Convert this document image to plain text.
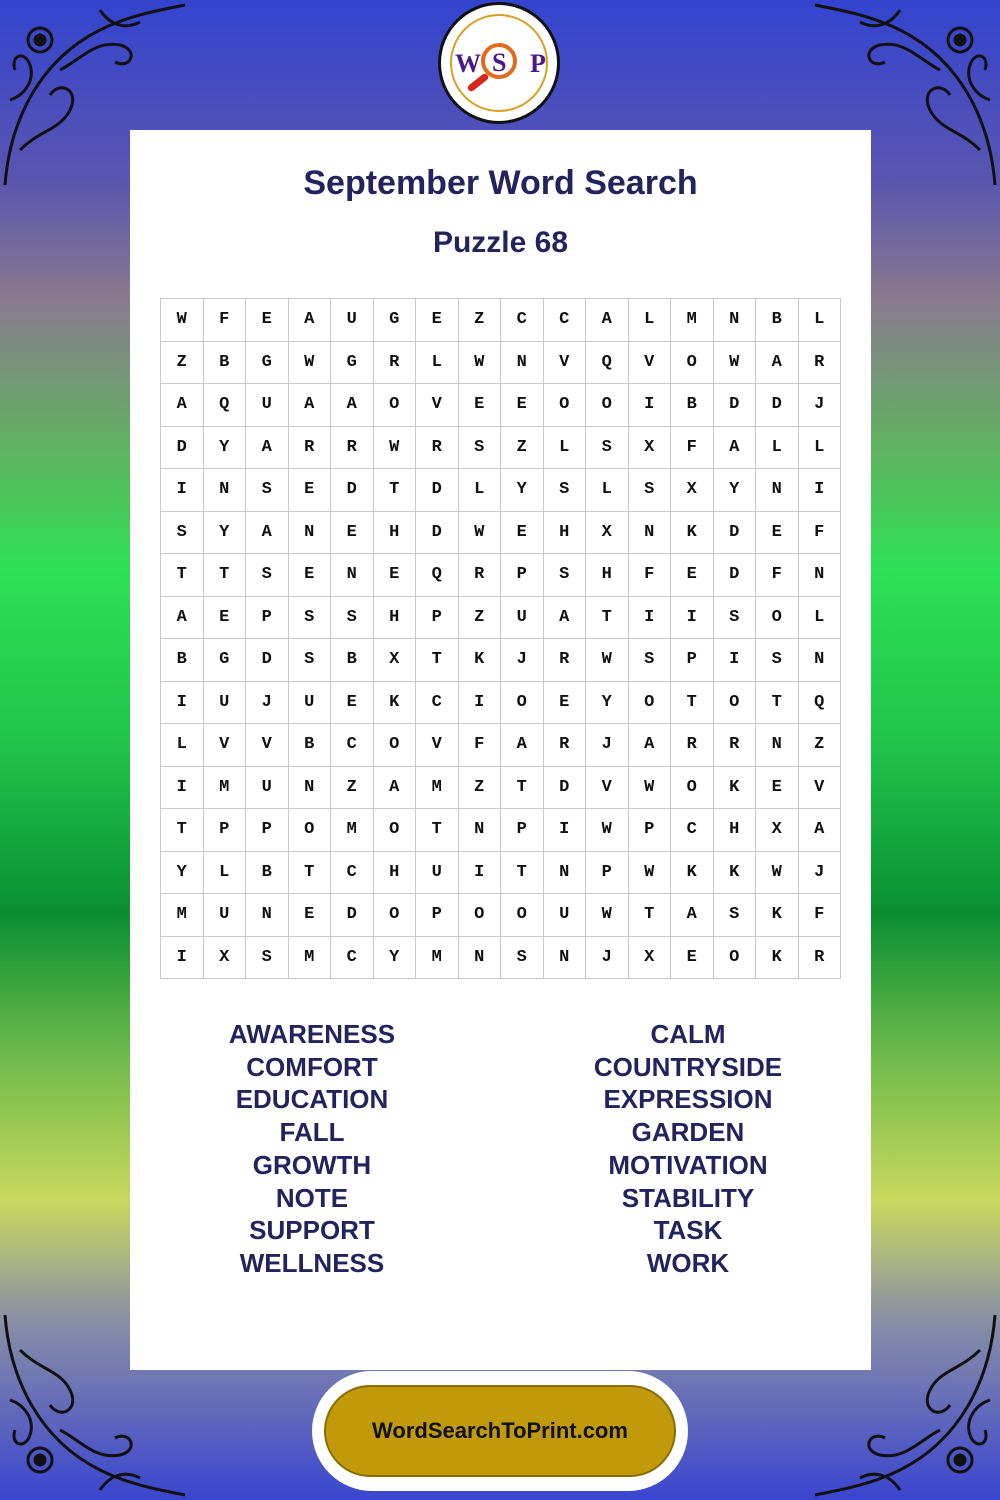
W S P
September Word Search
Puzzle 68
W	F	E	A	U	G	E	Z	C	C	A	L	M	N	B	L
Z	B	G	W	G	R	L	W	N	V	Q	V	O	W	A	R
A	Q	U	A	A	O	V	E	E	O	O	I	B	D	D	J
D	Y	A	R	R	W	R	S	Z	L	S	X	F	A	L	L
I	N	S	E	D	T	D	L	Y	S	L	S	X	Y	N	I
S	Y	A	N	E	H	D	W	E	H	X	N	K	D	E	F
T	T	S	E	N	E	Q	R	P	S	H	F	E	D	F	N
A	E	P	S	S	H	P	Z	U	A	T	I	I	S	O	L
B	G	D	S	B	X	T	K	J	R	W	S	P	I	S	N
I	U	J	U	E	K	C	I	O	E	Y	O	T	O	T	Q
L	V	V	B	C	O	V	F	A	R	J	A	R	R	N	Z
I	M	U	N	Z	A	M	Z	T	D	V	W	O	K	E	V
T	P	P	O	M	O	T	N	P	I	W	P	C	H	X	A
Y	L	B	T	C	H	U	I	T	N	P	W	K	K	W	J
M	U	N	E	D	O	P	O	O	U	W	T	A	S	K	F
I	X	S	M	C	Y	M	N	S	N	J	X	E	O	K	R
AWARENESS
COMFORT
EDUCATION
FALL
GROWTH
NOTE
SUPPORT
WELLNESS
CALM
COUNTRYSIDE
EXPRESSION
GARDEN
MOTIVATION
STABILITY
TASK
WORK
WordSearchToPrint.com
